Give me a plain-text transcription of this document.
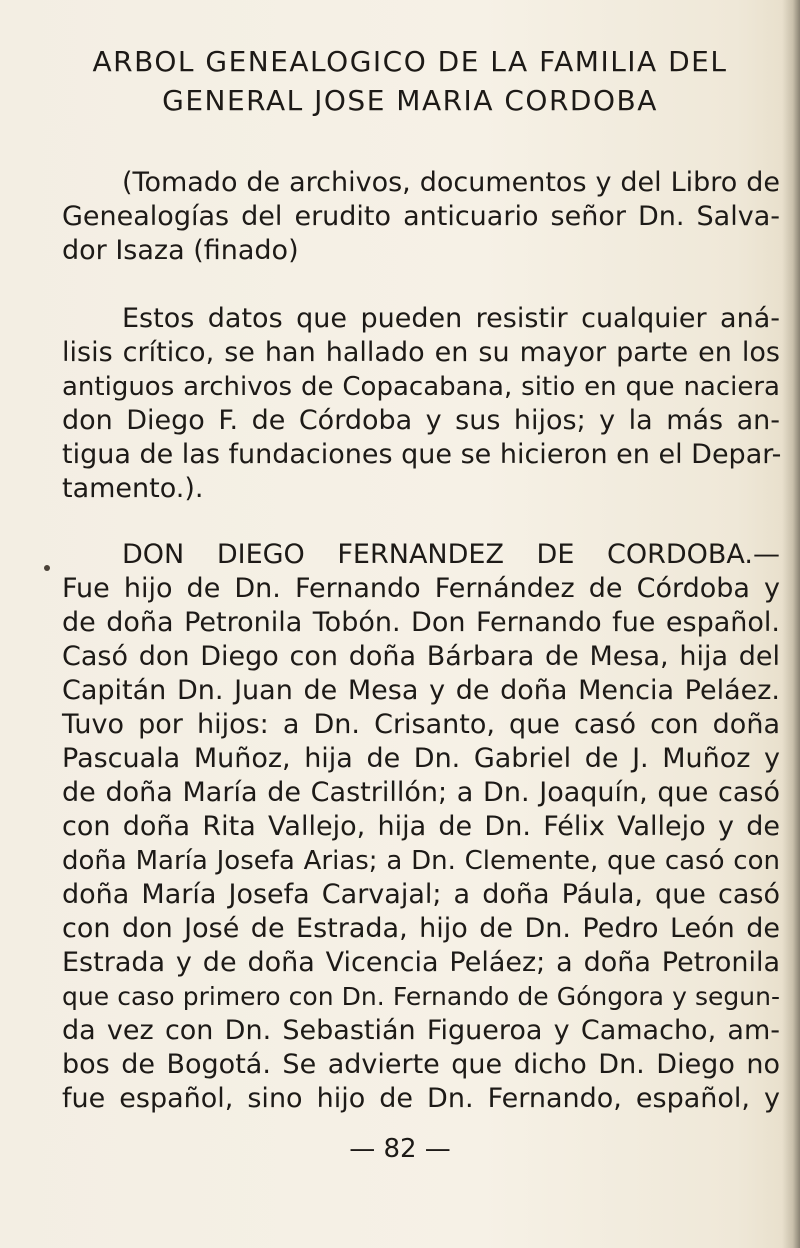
ARBOL GENEALOGICO DE LA FAMILIA DEL
GENERAL JOSE MARIA CORDOBA
(Tomado de archivos, documentos y del Libro de
Genealogías del erudito anticuario señor Dn. Salva-
dor Isaza (finado)
Estos datos que pueden resistir cualquier aná-
lisis crítico, se han hallado en su mayor parte en los
antiguos archivos de Copacabana, sitio en que naciera
don Diego F. de Córdoba y sus hijos; y la más an-
tigua de las fundaciones que se hicieron en el Depar-
tamento.).
DON DIEGO FERNANDEZ DE CORDOBA.—
Fue hijo de Dn. Fernando Fernández de Córdoba y
de doña Petronila Tobón. Don Fernando fue español.
Casó don Diego con doña Bárbara de Mesa, hija del
Capitán Dn. Juan de Mesa y de doña Mencia Peláez.
Tuvo por hijos: a Dn. Crisanto, que casó con doña
Pascuala Muñoz, hija de Dn. Gabriel de J. Muñoz y
de doña María de Castrillón; a Dn. Joaquín, que casó
con doña Rita Vallejo, hija de Dn. Félix Vallejo y de
doña María Josefa Arias; a Dn. Clemente, que casó con
doña María Josefa Carvajal; a doña Páula, que casó
con don José de Estrada, hijo de Dn. Pedro León de
Estrada y de doña Vicencia Peláez; a doña Petronila
que caso primero con Dn. Fernando de Góngora y segun-
da vez con Dn. Sebastián Figueroa y Camacho, am-
bos de Bogotá. Se advierte que dicho Dn. Diego no
fue español, sino hijo de Dn. Fernando, español, y
— 82 —
